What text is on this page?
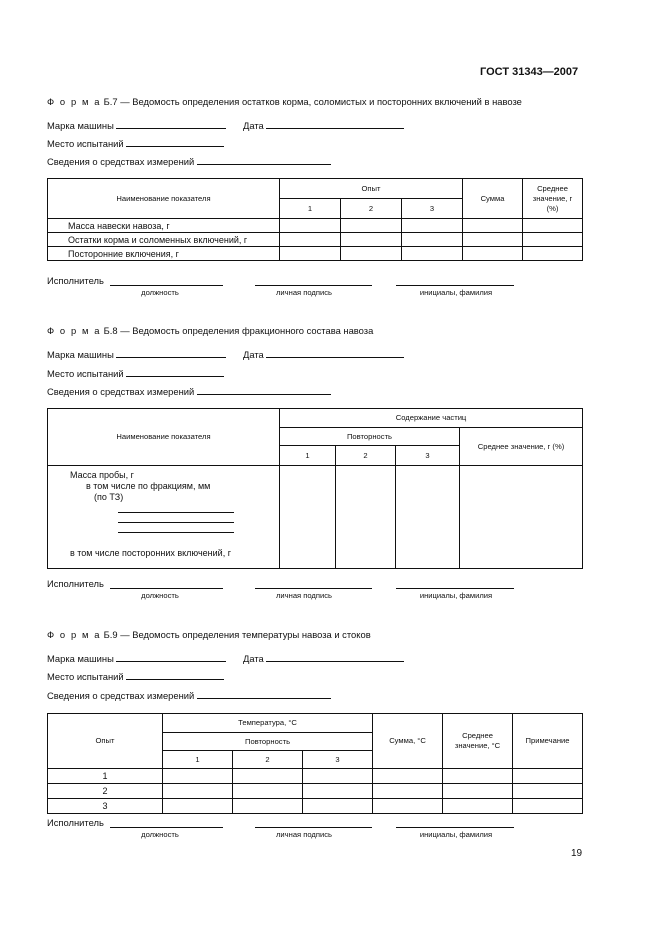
ГОСТ 31343—2007
Ф о р м а Б.7 — Ведомость определения остатков корма, соломистых и посторонних включений в навозе
Марка машины	Дата
Место испытаний
Сведения о средствах измерений
Наименование показателя	Опыт			Сумма	Среднее значение, г (%)
	1	2	3		
Масса навески навоза, г					
Остатки корма и соломенных включений, г					
Посторонние включения, г					
Исполнитель
должность	личная подпись	инициалы, фамилия
Ф о р м а Б.8 — Ведомость определения фракционного состава навоза
Марка машины	Дата
Место испытаний
Сведения о средствах измерений
Наименование показателя	Содержание частиц			
	Повторность			Среднее значение, г (%)
	1	2	3	

Масса пробы, г
в том числе по фракциям, мм
(по ТЗ)
в том числе посторонних включений, г				

Исполнитель
должность	личная подпись	инициалы, фамилия
Ф о р м а Б.9 — Ведомость определения температуры навоза и стоков
Марка машины	Дата
Место испытаний
Сведения о средствах измерений
Опыт	Температура, °С			Сумма, °С	Среднее значение, °С	Примечание
	Повторность					
	1	2	3			
1						
2						
3						
Исполнитель
должность	личная подпись	инициалы, фамилия
19
